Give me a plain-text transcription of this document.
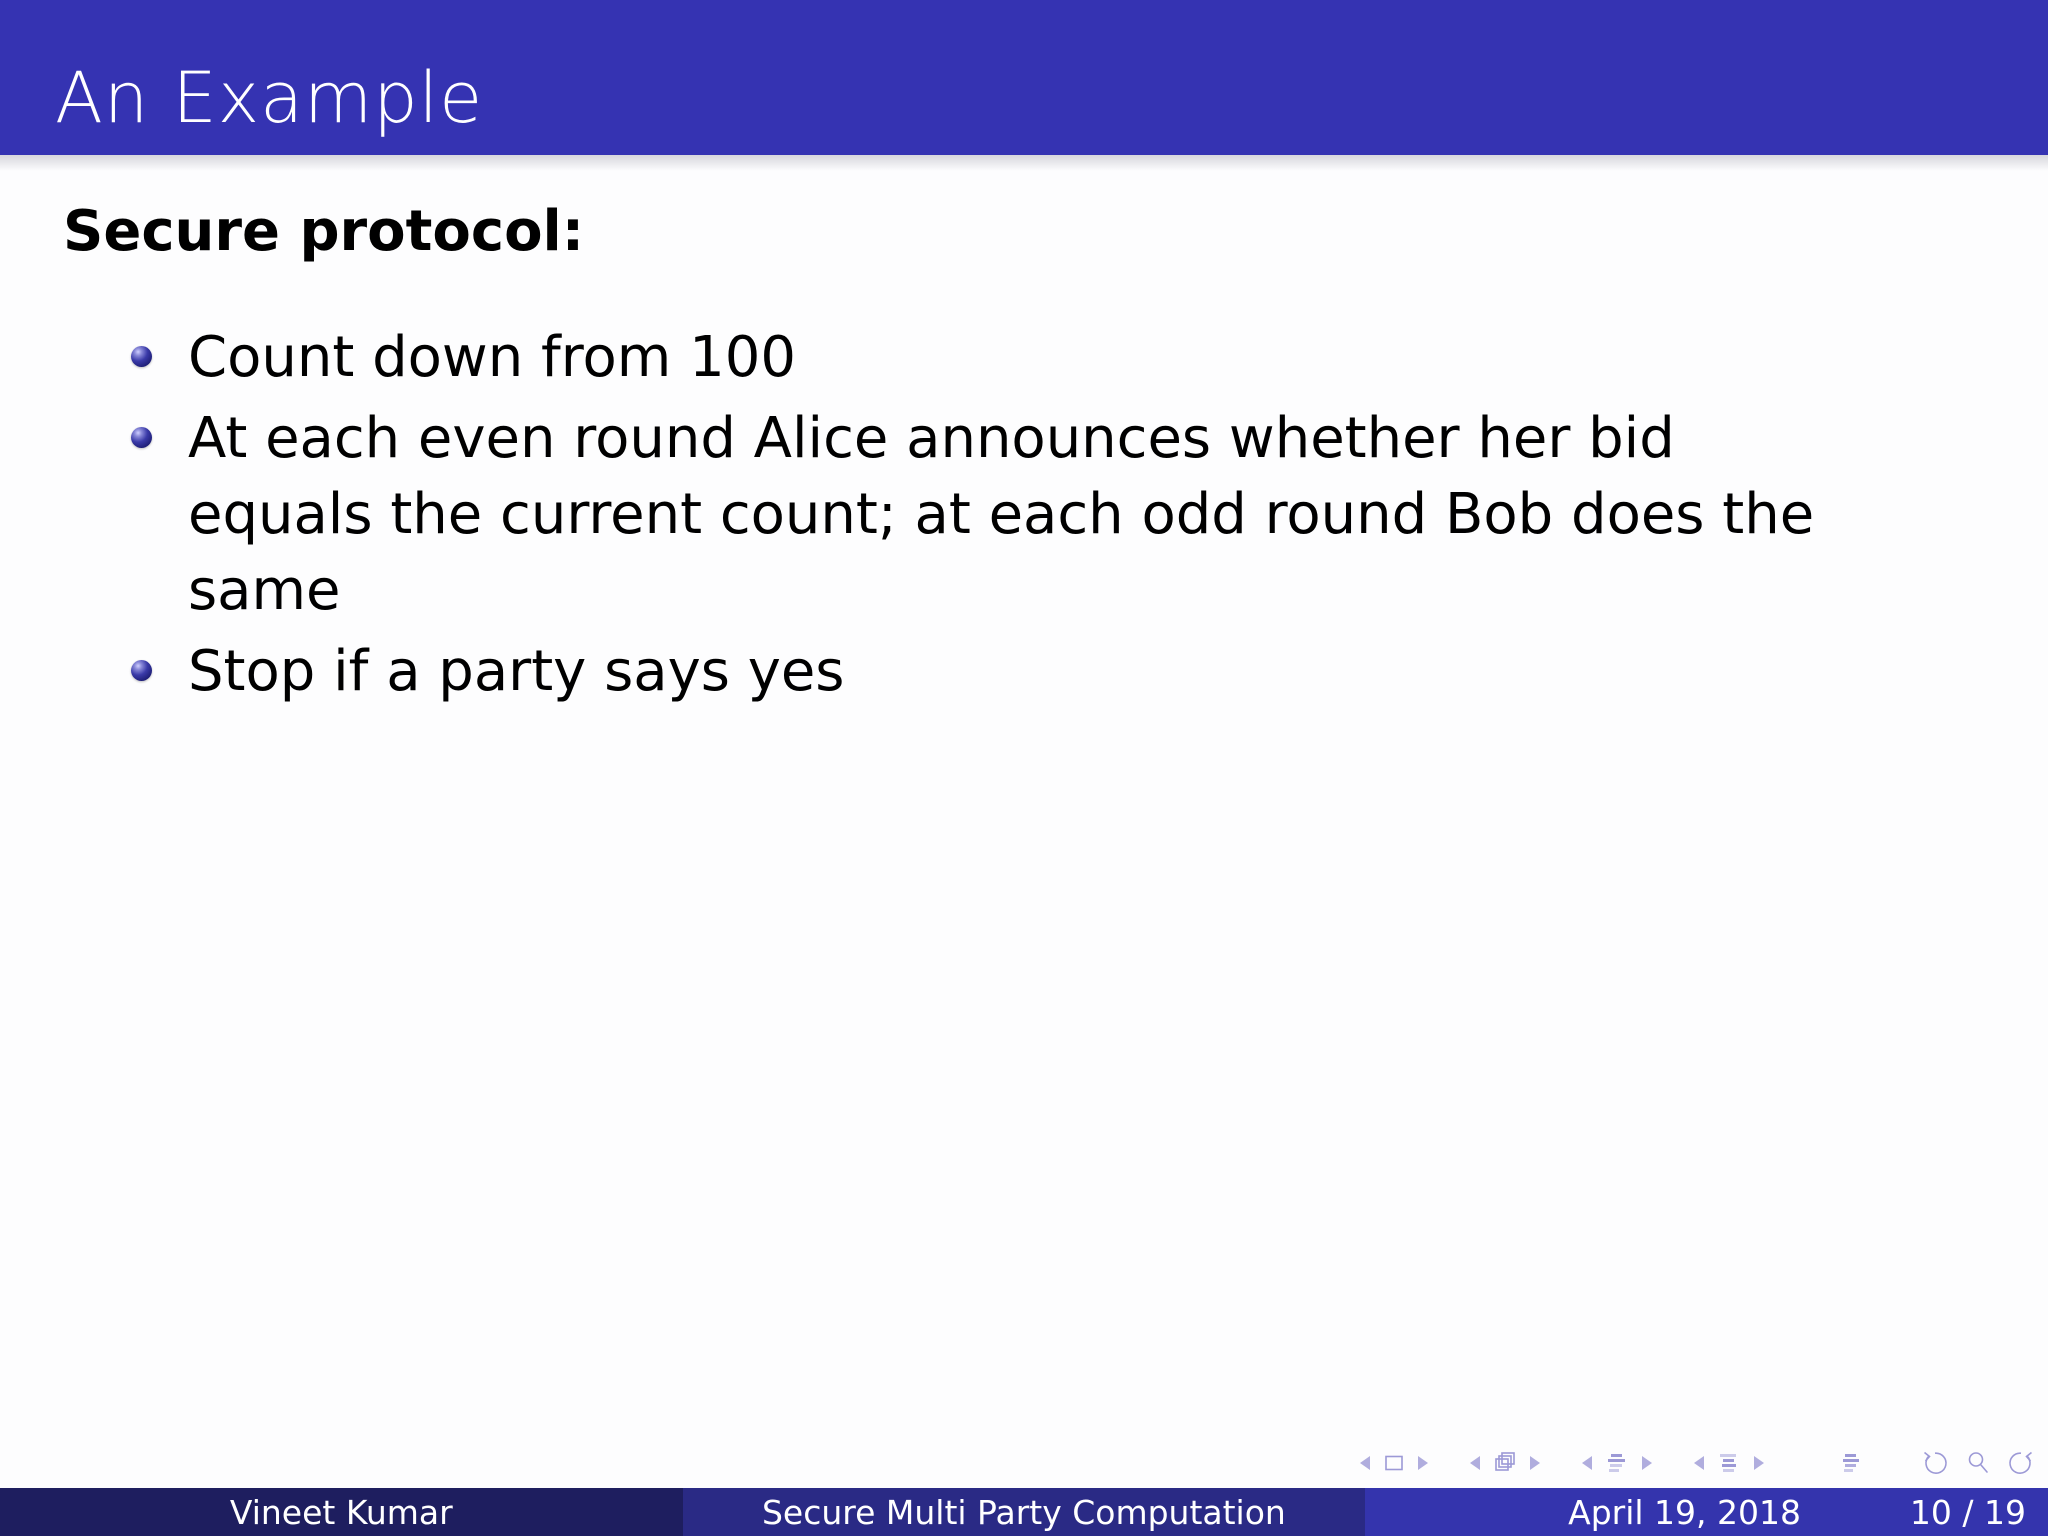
An Example
Secure protocol:
Count down from 100
At each even round Alice announces whether her bid equals the current count; at each odd round Bob does the same
Stop if a party says yes
Vineet Kumar	Secure Multi Party Computation	April 19, 2018	10 / 19
